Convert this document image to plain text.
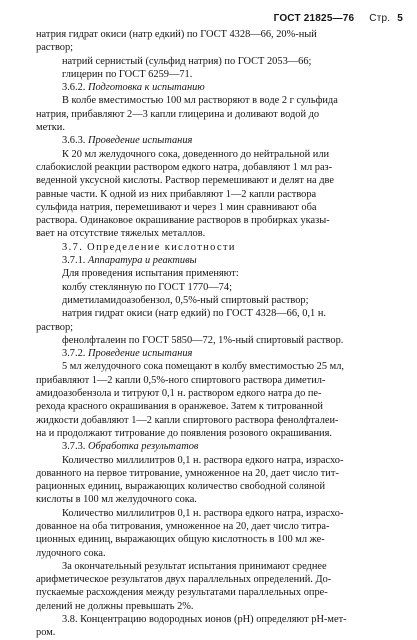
ГОСТ 21825—76 Стр. 5
натрия гидрат окиси (натр едкий) по ГОСТ 4328—66, 20%-ный
раствор;
натрий сернистый (сульфид натрия) по ГОСТ 2053—66;
глицерин по ГОСТ 6259—71.
3.6.2. Подготовка к испытанию
В колбе вместимостью 100 мл растворяют в воде 2 г сульфида
натрия, прибавляют 2—3 капли глицерина и доливают водой до
метки.
3.6.3. Проведение испытания
К 20 мл желудочного сока, доведенного до нейтральной или
слабокислой реакции раствором едкого натра, добавляют 1 мл раз-
веденной уксусной кислоты. Раствор перемешивают и делят на две
равные части. К одной из них прибавляют 1—2 капли раствора
сульфида натрия, перемешивают и через 1 мин сравнивают оба
раствора. Одинаковое окрашивание растворов в пробирках указы-
вает на отсутствие тяжелых металлов.
3.7. Определение кислотности
3.7.1. Аппаратура и реактивы
Для проведения испытания применяют:
колбу стеклянную по ГОСТ 1770—74;
диметиламидоазобензол, 0,5%-ный спиртовый раствор;
натрия гидрат окиси (натр едкий) по ГОСТ 4328—66, 0,1 н.
раствор;
фенолфталеин по ГОСТ 5850—72, 1%-ный спиртовый раствор.
3.7.2. Проведение испытания
5 мл желудочного сока помещают в колбу вместимостью 25 мл,
прибавляют 1—2 капли 0,5%-ного спиртового раствора диметил-
амидоазобензола и титруют 0,1 н. раствором едкого натра до пе-
рехода красного окрашивания в оранжевое. Затем к титрованной
жидкости добавляют 1—2 капли спиртового раствора фенолфталеи-
на и продолжают титрование до появления розового окрашивания.
3.7.3. Обработка результатов
Количество миллилитров 0,1 н. раствора едкого натра, израсхо-
дованного на первое титрование, умноженное на 20, дает число тит-
рационных единиц, выражающих количество свободной соляной
кислоты в 100 мл желудочного сока.
Количество миллилитров 0,1 н. раствора едкого натра, израсхо-
дованное на оба титрования, умноженное на 20, дает число титра-
ционных единиц, выражающих общую кислотность в 100 мл же-
лудочного сока.
За окончательный результат испытания принимают среднее
арифметическое результатов двух параллельных определений. До-
пускаемые расхождения между результатами параллельных опре-
делений не должны превышать 2%.
3.8. Концентрацию водородных ионов (рН) определяют рН-мет-
ром.
